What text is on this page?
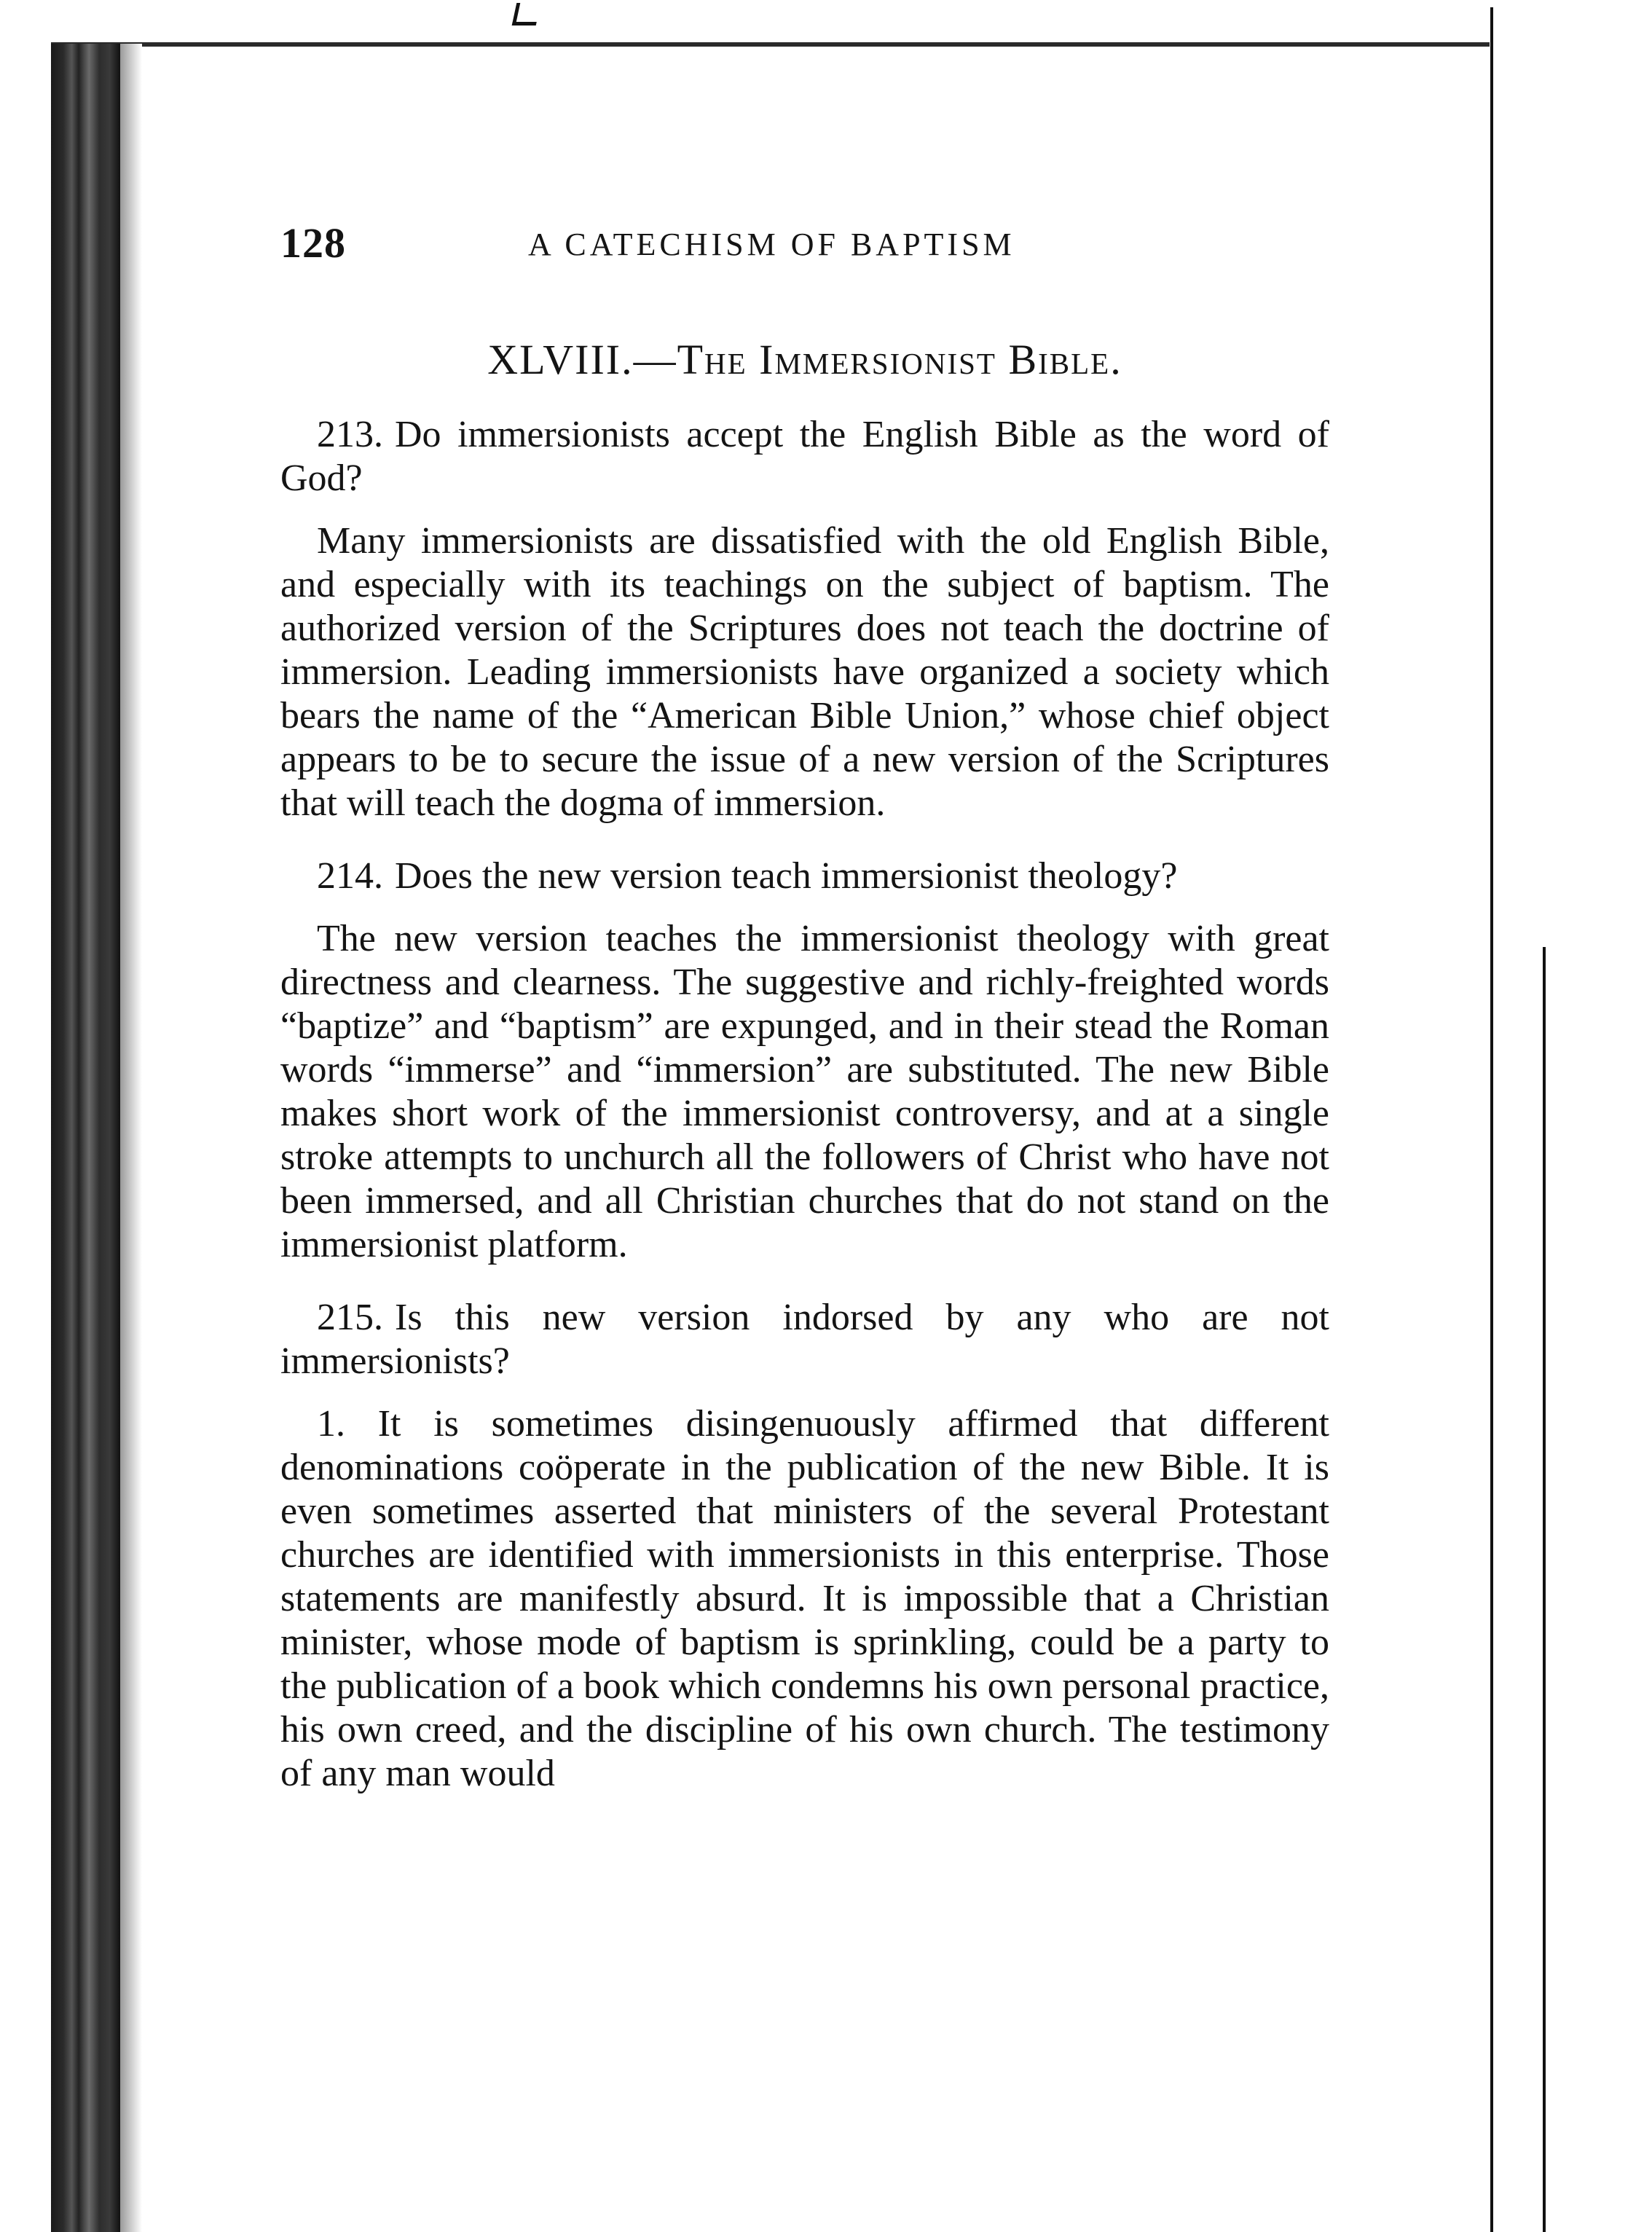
128	A CATECHISM OF BAPTISM
XLVIII.—The Immersionist Bible.

213. Do immersionists accept the English Bible as the word of God?

Many immersionists are dissatisfied with the old English Bible, and especially with its teachings on the subject of baptism. The authorized version of the Scriptures does not teach the doctrine of immersion. Leading immersionists have organized a society which bears the name of the “American Bible Union,” whose chief object appears to be to secure the issue of a new version of the Scriptures that will teach the dogma of immersion.

214. Does the new version teach immersionist theology?

The new version teaches the immersionist theology with great directness and clearness. The suggestive and richly-freighted words “baptize” and “baptism” are expunged, and in their stead the Roman words “immerse” and “immersion” are substituted. The new Bible makes short work of the immersionist controversy, and at a single stroke attempts to unchurch all the followers of Christ who have not been immersed, and all Christian churches that do not stand on the immersionist platform.

215. Is this new version indorsed by any who are not immersionists?

1. It is sometimes disingenuously affirmed that different denominations coöperate in the publication of the new Bible. It is even sometimes asserted that ministers of the several Protestant churches are identified with immersionists in this enterprise. Those statements are manifestly absurd. It is impossible that a Christian minister, whose mode of baptism is sprinkling, could be a party to the publication of a book which condemns his own personal practice, his own creed, and the discipline of his own church. The testimony of any man would
